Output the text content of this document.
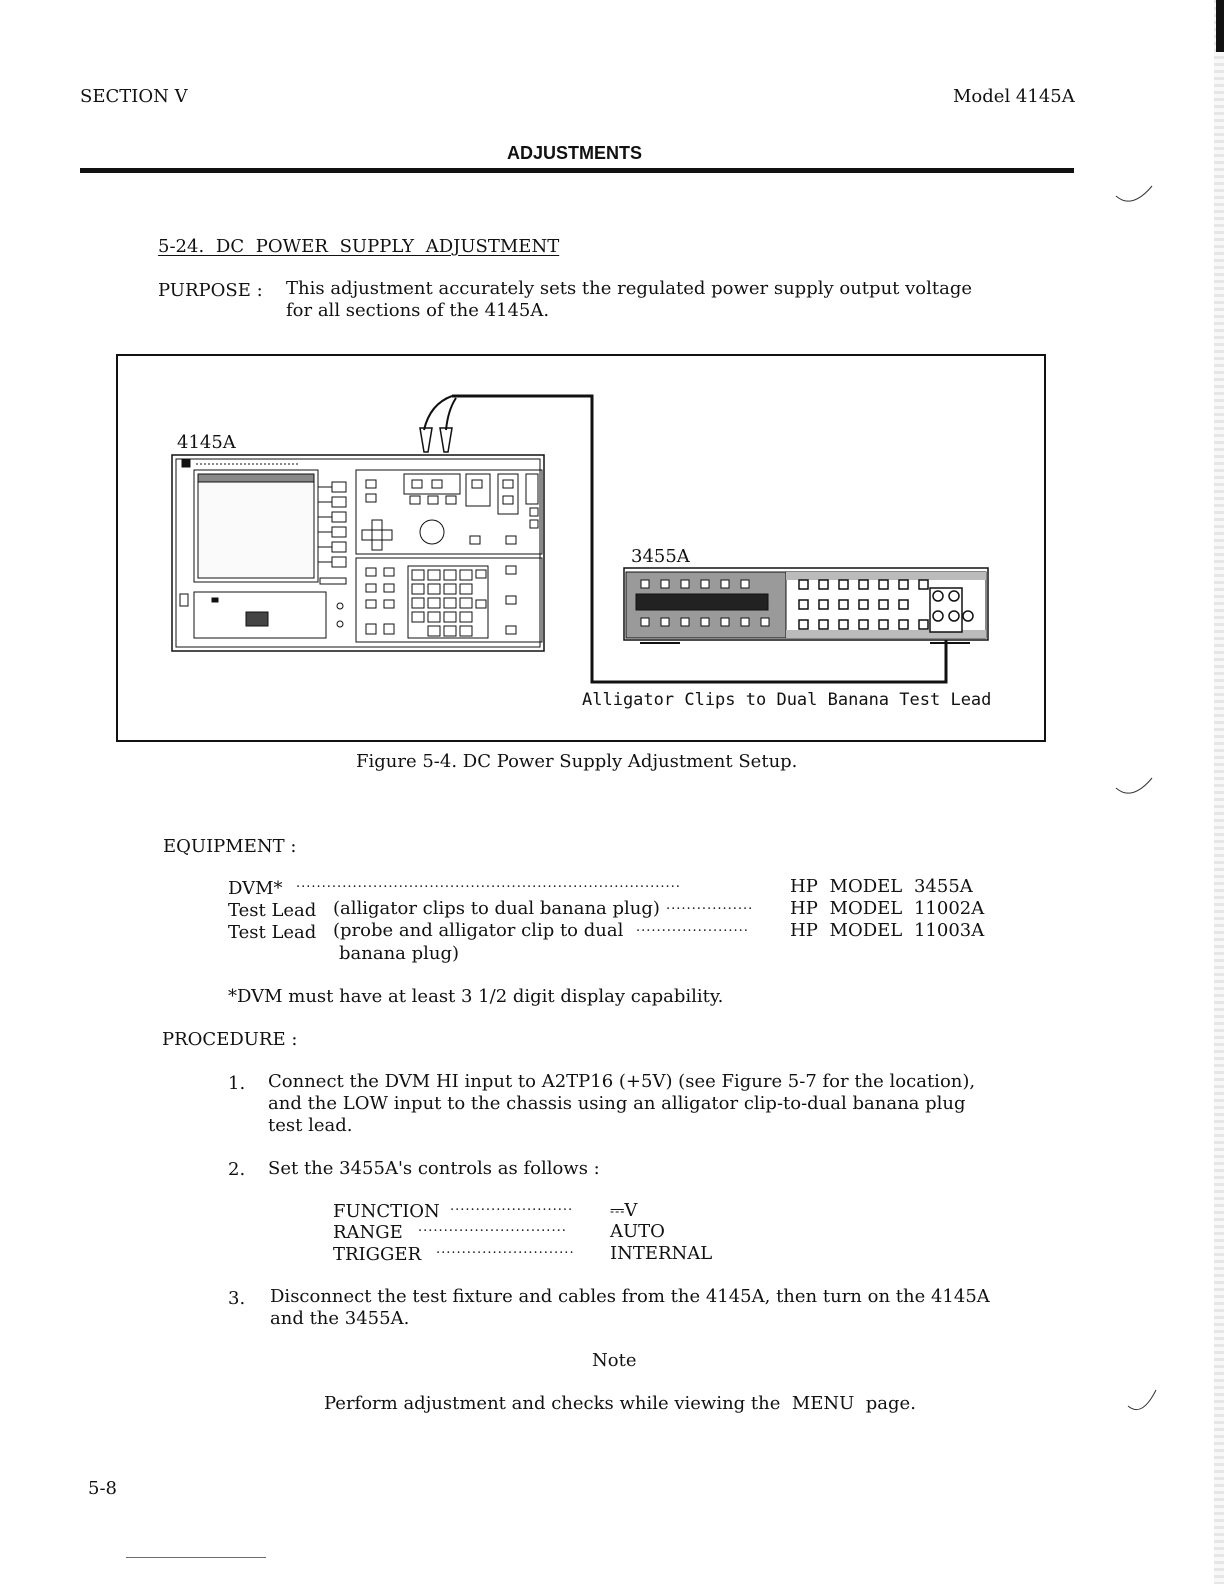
SECTION V	Model 4145A
ADJUSTMENTS
5-24. DC POWER SUPPLY ADJUSTMENT
PURPOSE : This adjustment accurately sets the regulated power supply output voltage
for all sections of the 4145A.
4145A
3455A
Alligator Clips to Dual Banana Test Lead
Figure 5-4. DC Power Supply Adjustment Setup.
EQUIPMENT :
DVM* ...........................................................................	HP MODEL 3455A
Test Lead (alligator clips to dual banana plug) ................. HP MODEL 11002A
Test Lead (probe and alligator clip to dual ...................... HP MODEL 11003A
banana plug)
*DVM must have at least 3 1/2 digit display capability.
PROCEDURE :
1. Connect the DVM HI input to A2TP16 (+5V) (see Figure 5-7 for the location),
and the LOW input to the chassis using an alligator clip-to-dual banana plug
test lead.
2. Set the 3455A's controls as follows :
FUNCTION ........................ ⎓V
RANGE ............................. AUTO
TRIGGER ........................... INTERNAL
3. Disconnect the test fixture and cables from the 4145A, then turn on the 4145A
and the 3455A.
Note
Perform adjustment and checks while viewing the  MENU  page.
5-8
